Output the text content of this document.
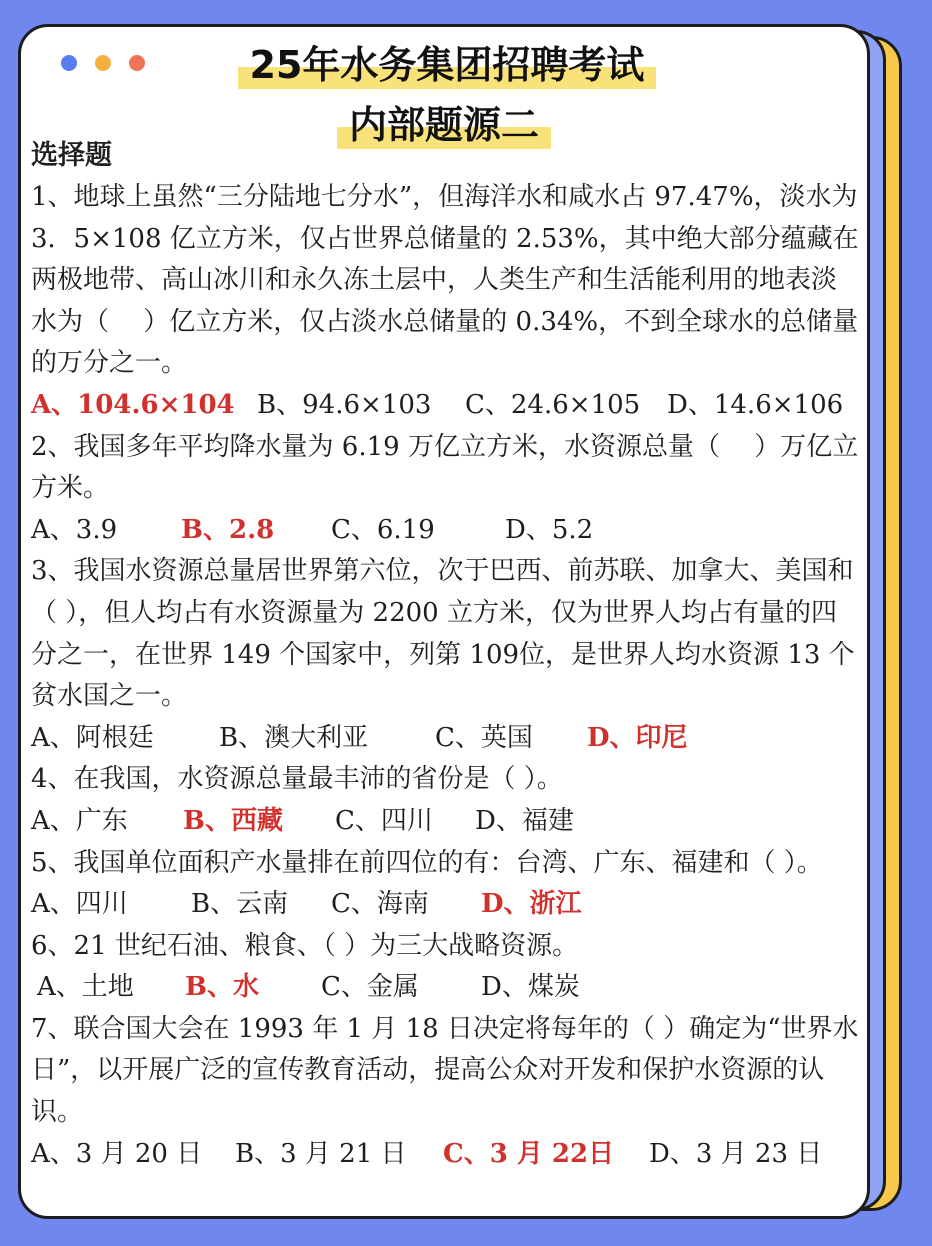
25年水务集团招聘考试
内部题源二
选择题

1、地球上虽然“三分陆地七分水”，但海洋水和咸水占 97.47%，淡水为 3．5×108 亿立方米，仅占世界总储量的 2.53%，其中绝大部分蕴藏在两极地带、高山冰川和永久冻土层中，人类生产和生活能利用的地表淡水为（　 ）亿立方米，仅占淡水总储量的 0.34%，不到全球水的总储量的万分之一。

A、104.6×104 B、94.6×103 C、24.6×105 D、14.6×106

2、我国多年平均降水量为 6.19 万亿立方米，水资源总量（　 ）万亿立方米。

A、3.9 B、2.8 C、6.19	D、5.2

3、我国水资源总量居世界第六位，次于巴西、前苏联、加拿大、美国和（ ），但人均占有水资源量为 2200 立方米，仅为世界人均占有量的四分之一，在世界 149 个国家中，列第 109位，是世界人均水资源 13 个贫水国之一。

A、阿根廷	B、澳大利亚	C、英国 D、印尼

4、在我国，水资源总量最丰沛的省份是（ ）。

A、广东 B、西藏 C、四川 D、福建

5、我国单位面积产水量排在前四位的有：台湾、广东、福建和（ ）。

A、四川 B、云南 C、海南 D、浙江

6、21 世纪石油、粮食、（ ）为三大战略资源。

A、土地 B、水 C、金属 D、煤炭

7、联合国大会在 1993 年 1 月 18 日决定将每年的（ ）确定为“世界水日”，以开展广泛的宣传教育活动，提高公众对开发和保护水资源的认识。

A、3 月 20 日 B、3 月 21 日 C、3 月 22日 D、3 月 23 日
